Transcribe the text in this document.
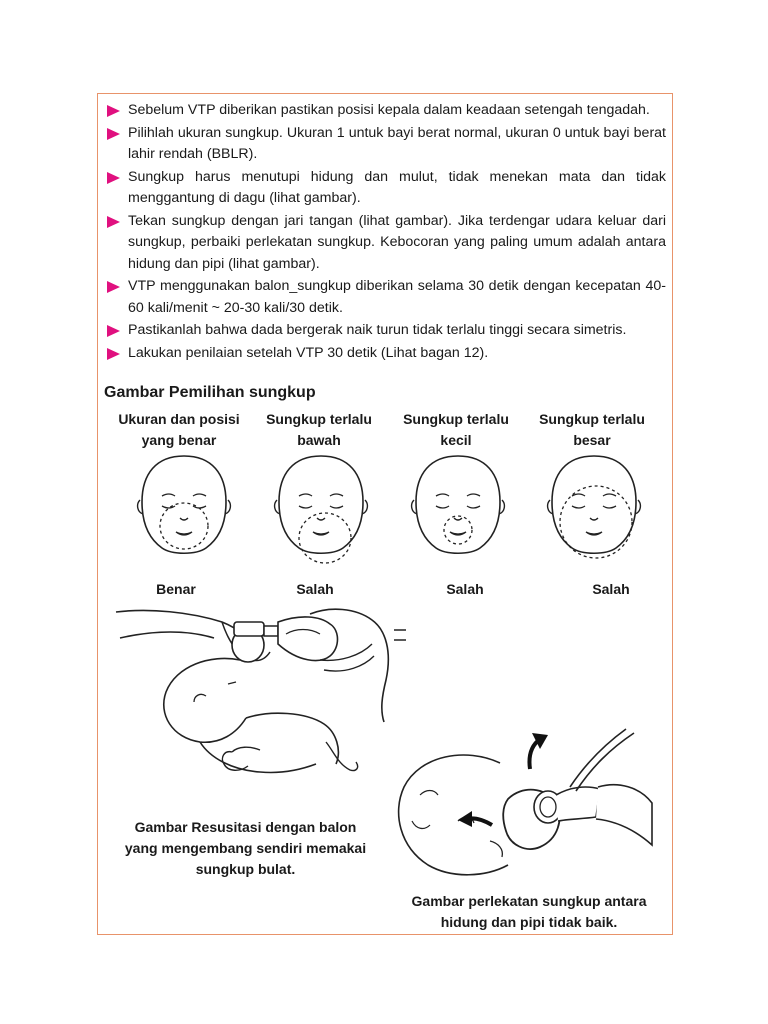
Sebelum VTP diberikan pastikan posisi kepala dalam keadaan setengah tengadah.
Pilihlah ukuran sungkup. Ukuran 1 untuk bayi berat normal, ukuran 0 untuk bayi berat lahir rendah (BBLR).
Sungkup harus menutupi hidung dan mulut, tidak menekan mata dan tidak menggantung di dagu (lihat gambar).
Tekan sungkup dengan jari tangan (lihat gambar). Jika terdengar udara keluar dari sungkup, perbaiki perlekatan sungkup. Kebocoran yang paling umum adalah antara hidung dan pipi (lihat gambar).
VTP menggunakan balon_sungkup diberikan selama 30 detik dengan kecepatan 40-60 kali/menit ~ 20-30 kali/30 detik.
Pastikanlah bahwa dada bergerak naik turun tidak terlalu tinggi secara simetris.
Lakukan penilaian setelah VTP 30 detik (Lihat bagan 12).
Gambar Pemilihan sungkup
Ukuran dan posisi yang benar
Sungkup terlalu bawah
Sungkup terlalu kecil
Sungkup terlalu besar
Benar	Salah	Salah	Salah
Gambar Resusitasi dengan balon yang mengembang sendiri memakai sungkup bulat.
Gambar perlekatan sungkup antara hidung dan pipi tidak baik.
